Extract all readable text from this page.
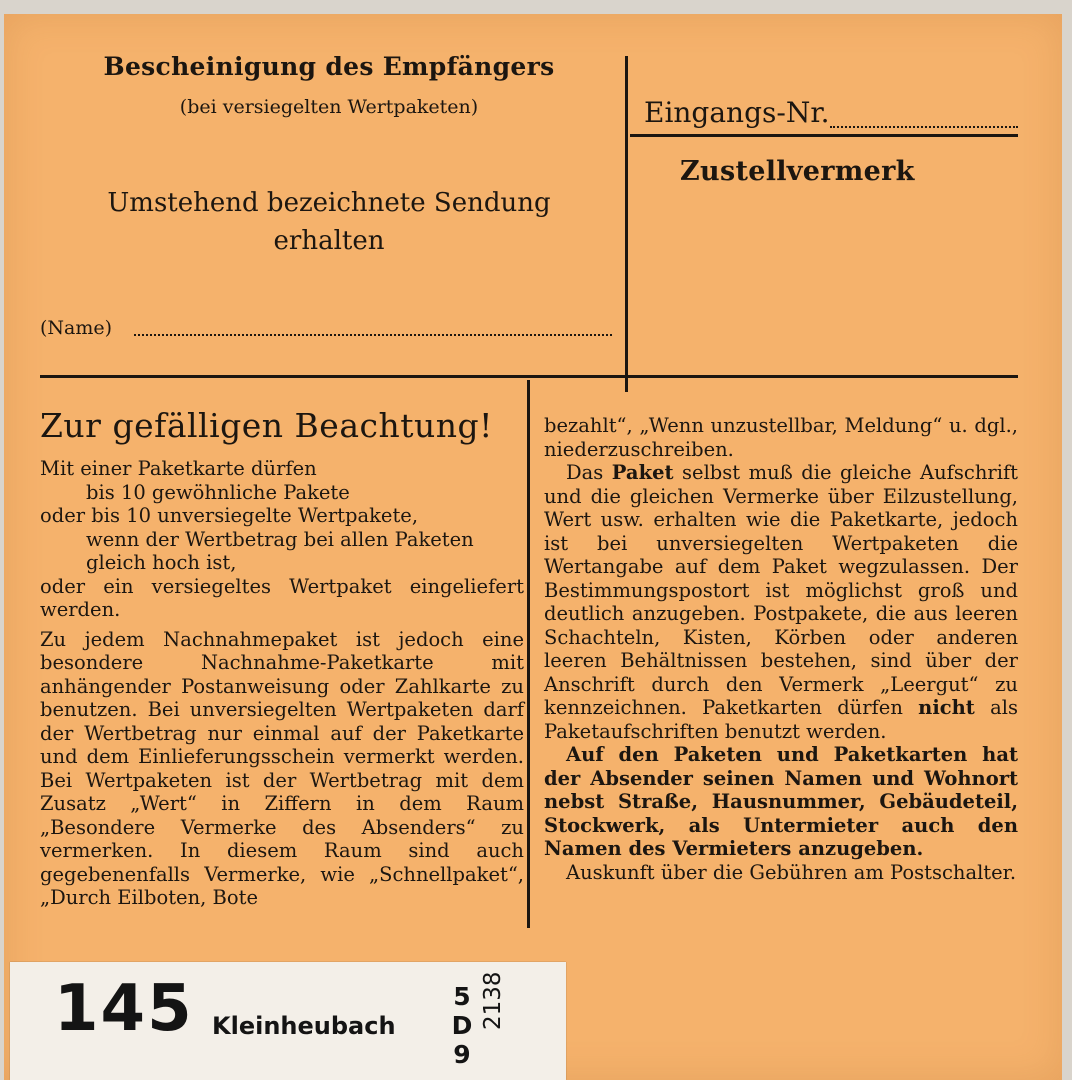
Bescheinigung des Empfängers
(bei versiegelten Wertpaketen)
Umstehend bezeichnete Sendung
erhalten
(Name)
Eingangs-Nr.
Zustellvermerk
Zur gefälligen Beachtung!

Mit einer Paketkarte dürfen

bis 10 gewöhnliche Pakete

oder bis 10 unversiegelte Wertpakete,

wenn der Wertbetrag bei allen Paketen gleich hoch ist,

oder ein versiegeltes Wertpaket eingeliefert werden.

Zu jedem Nachnahmepaket ist jedoch eine besondere Nachnahme-Paketkarte mit anhängender Postanweisung oder Zahlkarte zu benutzen. Bei unversiegelten Wertpaketen darf der Wertbetrag nur einmal auf der Paketkarte und dem Einlieferungsschein vermerkt werden. Bei Wertpaketen ist der Wertbetrag mit dem Zusatz „Wert“ in Ziffern in dem Raum „Besondere Vermerke des Absenders“ zu vermerken. In diesem Raum sind auch gegebenenfalls Vermerke, wie „Schnellpaket“, „Durch Eilboten, Bote

bezahlt“, „Wenn unzustellbar, Meldung“ u. dgl., niederzuschreiben.

Das Paket selbst muß die gleiche Aufschrift und die gleichen Vermerke über Eilzustellung, Wert usw. erhalten wie die Paketkarte, jedoch ist bei unversiegelten Wertpaketen die Wertangabe auf dem Paket wegzulassen. Der Bestimmungspostort ist möglichst groß und deutlich anzugeben. Postpakete, die aus leeren Schachteln, Kisten, Körben oder anderen leeren Behältnissen bestehen, sind über der Anschrift durch den Vermerk „Leergut“ zu kennzeichnen. Paketkarten dürfen nicht als Paketaufschriften benutzt werden.

Auf den Paketen und Paketkarten hat der Absender seinen Namen und Wohnort nebst Straße, Hausnummer, Gebäudeteil, Stockwerk, als Untermieter auch den Namen des Vermieters anzugeben.

Auskunft über die Gebühren am Postschalter.

145 Kleinheubach
5
D
9
2138
